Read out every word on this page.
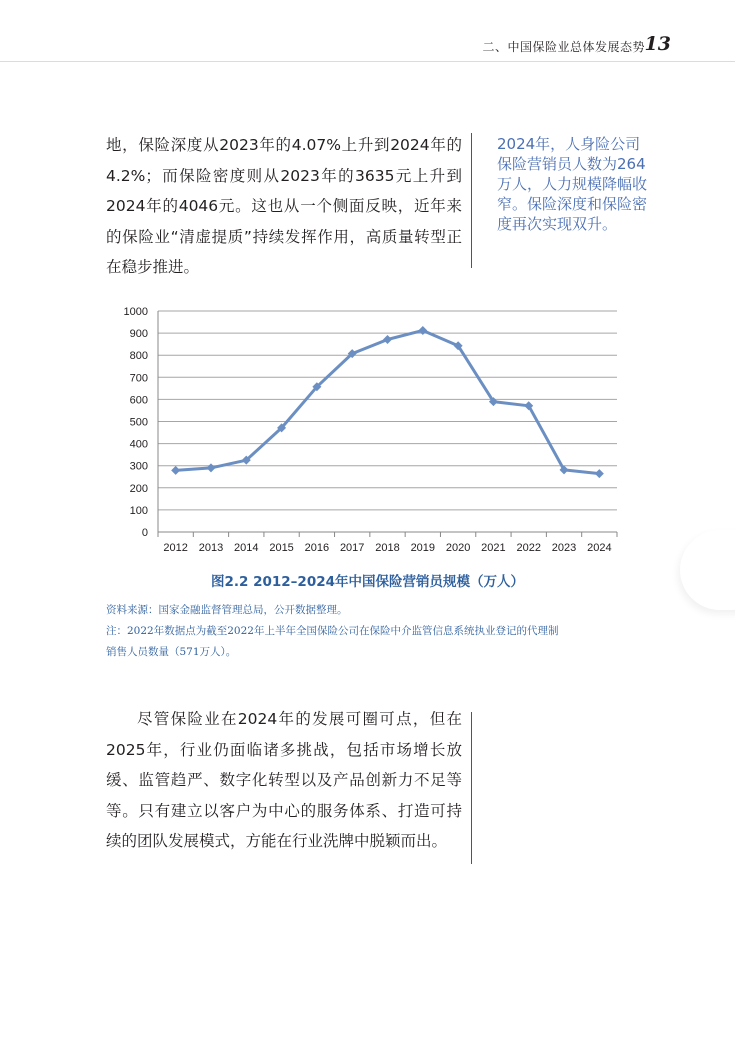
二、中国保险业总体发展态势 13

地，保险深度从2023年的4.07%上升到2024年的4.2%；而保险密度则从2023年的3635元上升到2024年的4046元。这也从一个侧面反映，近年来的保险业“清虚提质”持续发挥作用，高质量转型正在稳步推进。

2024年，人身险公司保险营销员人数为264万人，人力规模降幅收窄。保险深度和保险密度再次实现双升。

0
100
200
300
400
500
600
700
800
900
1000
2012 2013 2014 2015 2016 2017 2018 2019 2020 2021 2022 2023 2024
图2.2 2012–2024年中国保险营销员规模（万人）

资料来源：国家金融监督管理总局，公开数据整理。
注：2022年数据点为截至2022年上半年全国保险公司在保险中介监管信息系统执业登记的代理制
销售人员数量（571万人）。

尽管保险业在2024年的发展可圈可点，但在2025年，行业仍面临诸多挑战，包括市场增长放缓、监管趋严、数字化转型以及产品创新力不足等等。只有建立以客户为中心的服务体系、打造可持续的团队发展模式，方能在行业洗牌中脱颖而出。
